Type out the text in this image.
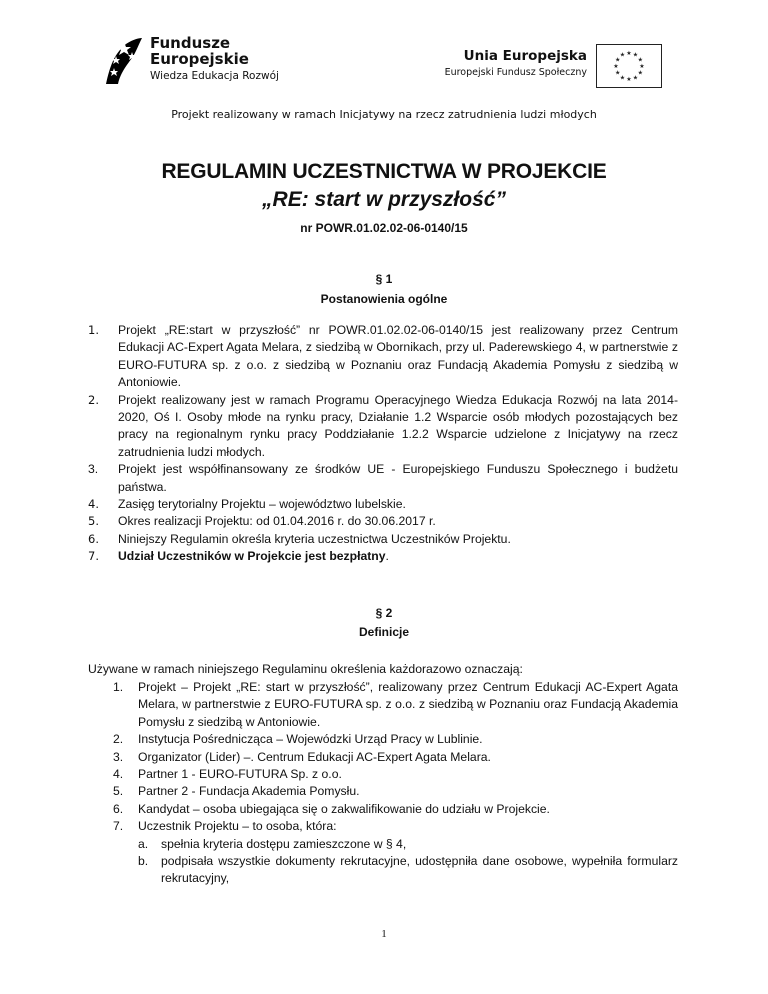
Fundusze
Europejskie
Wiedza Edukacja Rozwój
Unia Europejska
Europejski Fundusz Społeczny
★ ★
★
★
★
★
★
★
★
★
★
★
Projekt realizowany w ramach Inicjatywy na rzecz zatrudnienia ludzi młodych
REGULAMIN UCZESTNICTWA W PROJEKCIE
„RE: start w przyszłość”
nr POWR.01.02.02-06-0140/15
§ 1
Postanowienia ogólne
1.	Projekt „RE:start w przyszłość” nr POWR.01.02.02-06-0140/15 jest realizowany przez Centrum Edukacji AC-Expert Agata Melara, z siedzibą w Obornikach, przy ul. Paderewskiego 4, w partnerstwie z EURO-FUTURA sp. z o.o. z siedzibą w Poznaniu oraz Fundacją Akademia Pomysłu z siedzibą w Antoniowie.
2.	Projekt realizowany jest w ramach Programu Operacyjnego Wiedza Edukacja Rozwój na lata 2014-2020, Oś I. Osoby młode na rynku pracy, Działanie 1.2 Wsparcie osób młodych pozostających bez pracy na regionalnym rynku pracy Poddziałanie 1.2.2 Wsparcie udzielone z Inicjatywy na rzecz zatrudnienia ludzi młodych.
3.	Projekt jest współfinansowany ze środków UE - Europejskiego Funduszu Społecznego i budżetu państwa.
4.	Zasięg terytorialny Projektu – województwo lubelskie.
5.	Okres realizacji Projektu: od 01.04.2016 r. do 30.06.2017 r.
6.	Niniejszy Regulamin określa kryteria uczestnictwa Uczestników Projektu.
7.	Udział Uczestników w Projekcie jest bezpłatny.
§ 2
Definicje
Używane w ramach niniejszego Regulaminu określenia każdorazowo oznaczają:
1. Projekt – Projekt „RE: start w przyszłość”, realizowany przez Centrum Edukacji AC-Expert Agata Melara, w partnerstwie z EURO-FUTURA sp. z o.o. z siedzibą w Poznaniu oraz Fundacją Akademia Pomysłu z siedzibą w Antoniowie.
2. Instytucja Pośrednicząca – Wojewódzki Urząd Pracy w Lublinie.
3. Organizator (Lider) –. Centrum Edukacji AC-Expert Agata Melara.
4. Partner 1 - EURO-FUTURA Sp. z o.o.
5. Partner 2 - Fundacja Akademia Pomysłu.
6. Kandydat – osoba ubiegająca się o zakwalifikowanie do udziału w Projekcie.
7. Uczestnik Projektu – to osoba, która:
a. spełnia kryteria dostępu zamieszczone w § 4,
b. podpisała wszystkie dokumenty rekrutacyjne, udostępniła dane osobowe, wypełniła formularz rekrutacyjny,
1
